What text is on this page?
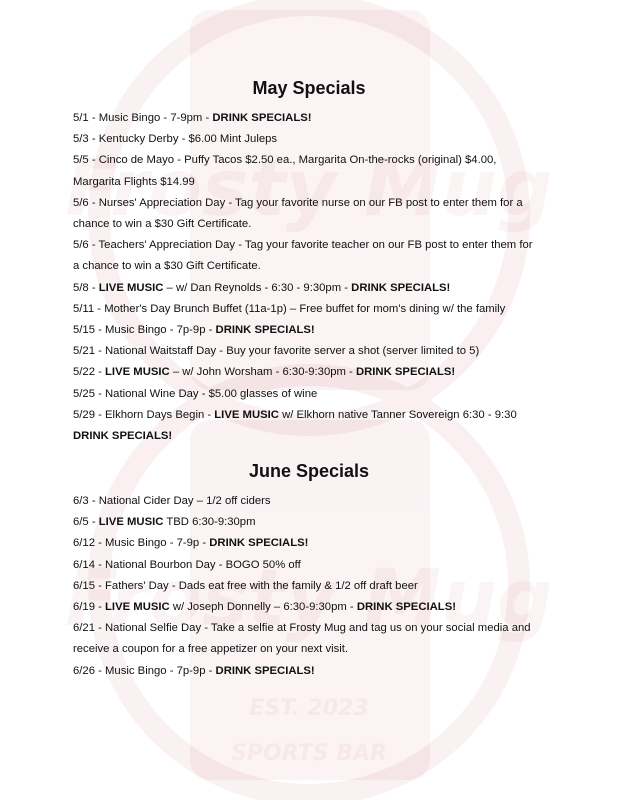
May Specials

5/1 - Music Bingo - 7-9pm - DRINK SPECIALS!

5/3 - Kentucky Derby - $6.00 Mint Juleps

5/5 - Cinco de Mayo - Puffy Tacos $2.50 ea., Margarita On-the-rocks (original) $4.00,

Margarita Flights $14.99

5/6 - Nurses' Appreciation Day - Tag your favorite nurse on our FB post to enter them for a

chance to win a $30 Gift Certificate.

5/6 - Teachers' Appreciation Day - Tag your favorite teacher on our FB post to enter them for

a chance to win a $30 Gift Certificate.

5/8 - LIVE MUSIC – w/ Dan Reynolds - 6:30 - 9:30pm - DRINK SPECIALS!

5/11 - Mother's Day Brunch Buffet (11a-1p) – Free buffet for mom's dining w/ the family

5/15 - Music Bingo - 7p-9p - DRINK SPECIALS!

5/21 - National Waitstaff Day - Buy your favorite server a shot (server limited to 5)

5/22 - LIVE MUSIC – w/ John Worsham - 6:30-9:30pm - DRINK SPECIALS!

5/25 - National Wine Day - $5.00 glasses of wine

5/29 - Elkhorn Days Begin - LIVE MUSIC w/ Elkhorn native Tanner Sovereign 6:30 - 9:30

DRINK SPECIALS!

June Specials

6/3 - National Cider Day – 1/2 off ciders

6/5 - LIVE MUSIC TBD 6:30-9:30pm

6/12 - Music Bingo - 7-9p - DRINK SPECIALS!

6/14 - National Bourbon Day - BOGO 50% off

6/15 - Fathers' Day - Dads eat free with the family & 1/2 off draft beer

6/19 - LIVE MUSIC w/ Joseph Donnelly – 6:30-9:30pm - DRINK SPECIALS!

6/21 - National Selfie Day - Take a selfie at Frosty Mug and tag us on your social media and

receive a coupon for a free appetizer on your next visit.

6/26 - Music Bingo - 7p-9p - DRINK SPECIALS!
